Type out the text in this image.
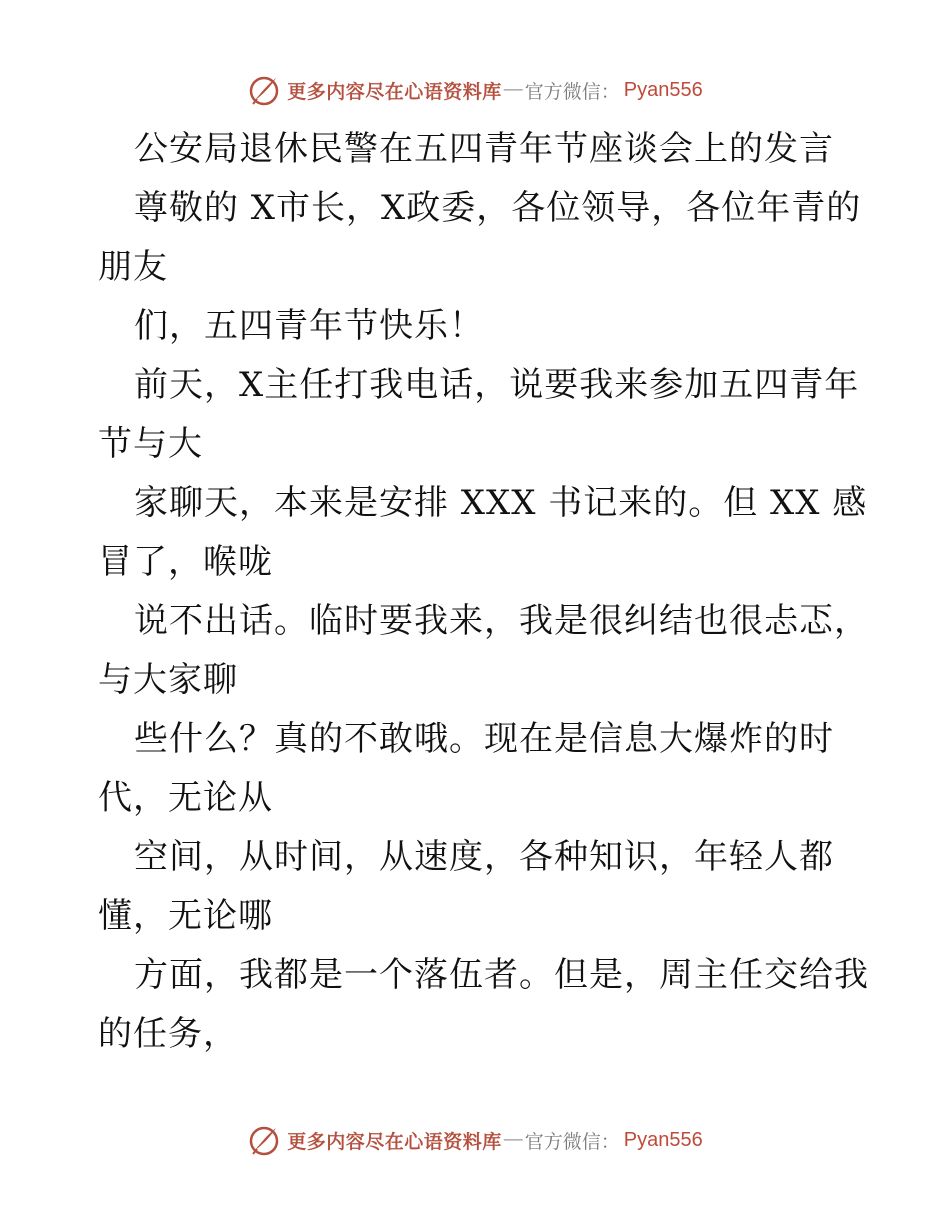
更多内容尽在心语资料库 — 官方微信： Pyan556

公安局退休民警在五四青年节座谈会上的发言

尊敬的 X市长，X政委，各位领导，各位年青的

朋友

们，五四青年节快乐！

前天，X主任打我电话，说要我来参加五四青年

节与大

家聊天，本来是安排 XXX 书记来的。但 XX 感

冒了，喉咙

说不出话。临时要我来，我是很纠结也很忐忑，

与大家聊

些什么？真的不敢哦。现在是信息大爆炸的时

代，无论从

空间，从时间，从速度，各种知识，年轻人都

懂，无论哪

方面，我都是一个落伍者。但是，周主任交给我

的任务，

更多内容尽在心语资料库 — 官方微信： Pyan556
